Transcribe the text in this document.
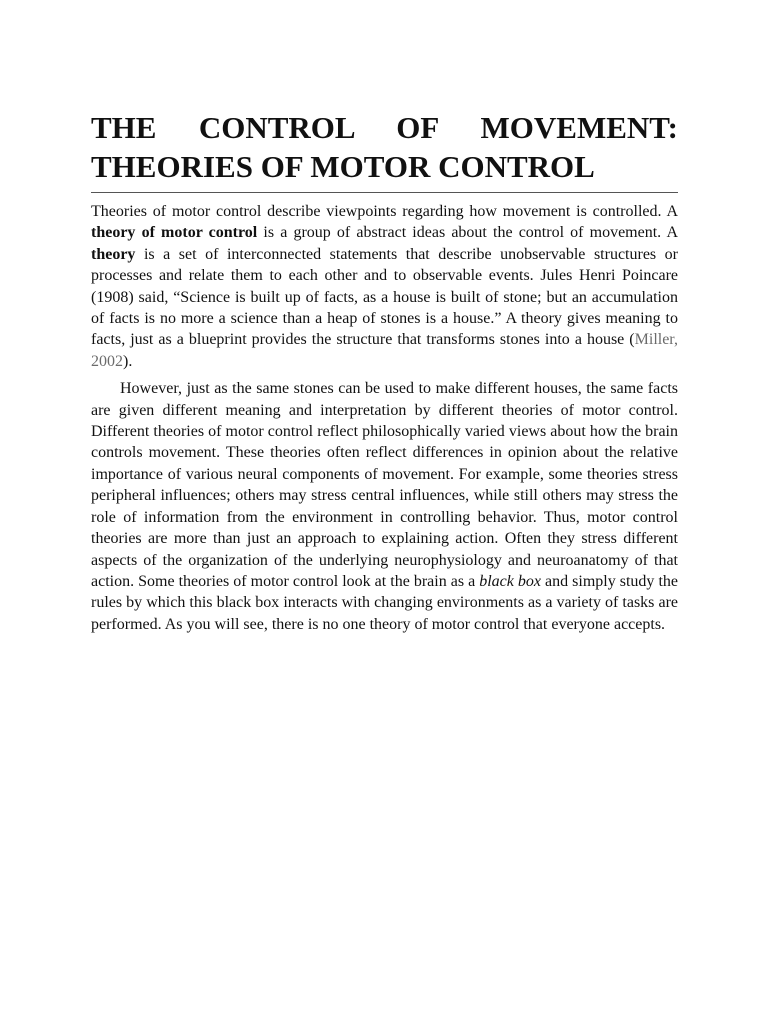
THE CONTROL OF MOVEMENT:
THEORIES OF MOTOR CONTROL

Theories of motor control describe viewpoints regarding how movement is controlled. A theory of motor control is a group of abstract ideas about the control of movement. A theory is a set of interconnected statements that describe unobservable structures or processes and relate them to each other and to observable events. Jules Henri Poincare (1908) said, “Science is built up of facts, as a house is built of stone; but an accumulation of facts is no more a science than a heap of stones is a house.” A theory gives meaning to facts, just as a blueprint provides the structure that transforms stones into a house (Miller, 2002).

However, just as the same stones can be used to make different houses, the same facts are given different meaning and interpretation by different theories of motor control. Different theories of motor control reflect philosophically varied views about how the brain controls movement. These theories often reflect differences in opinion about the relative importance of various neural components of movement. For example, some theories stress peripheral influences; others may stress central influences, while still others may stress the role of information from the environment in controlling behavior. Thus, motor control theories are more than just an approach to explaining action. Often they stress different aspects of the organization of the underlying neurophysiology and neuroanatomy of that action. Some theories of motor control look at the brain as a black box and simply study the rules by which this black box interacts with changing environments as a variety of tasks are performed. As you will see, there is no one theory of motor control that everyone accepts.
